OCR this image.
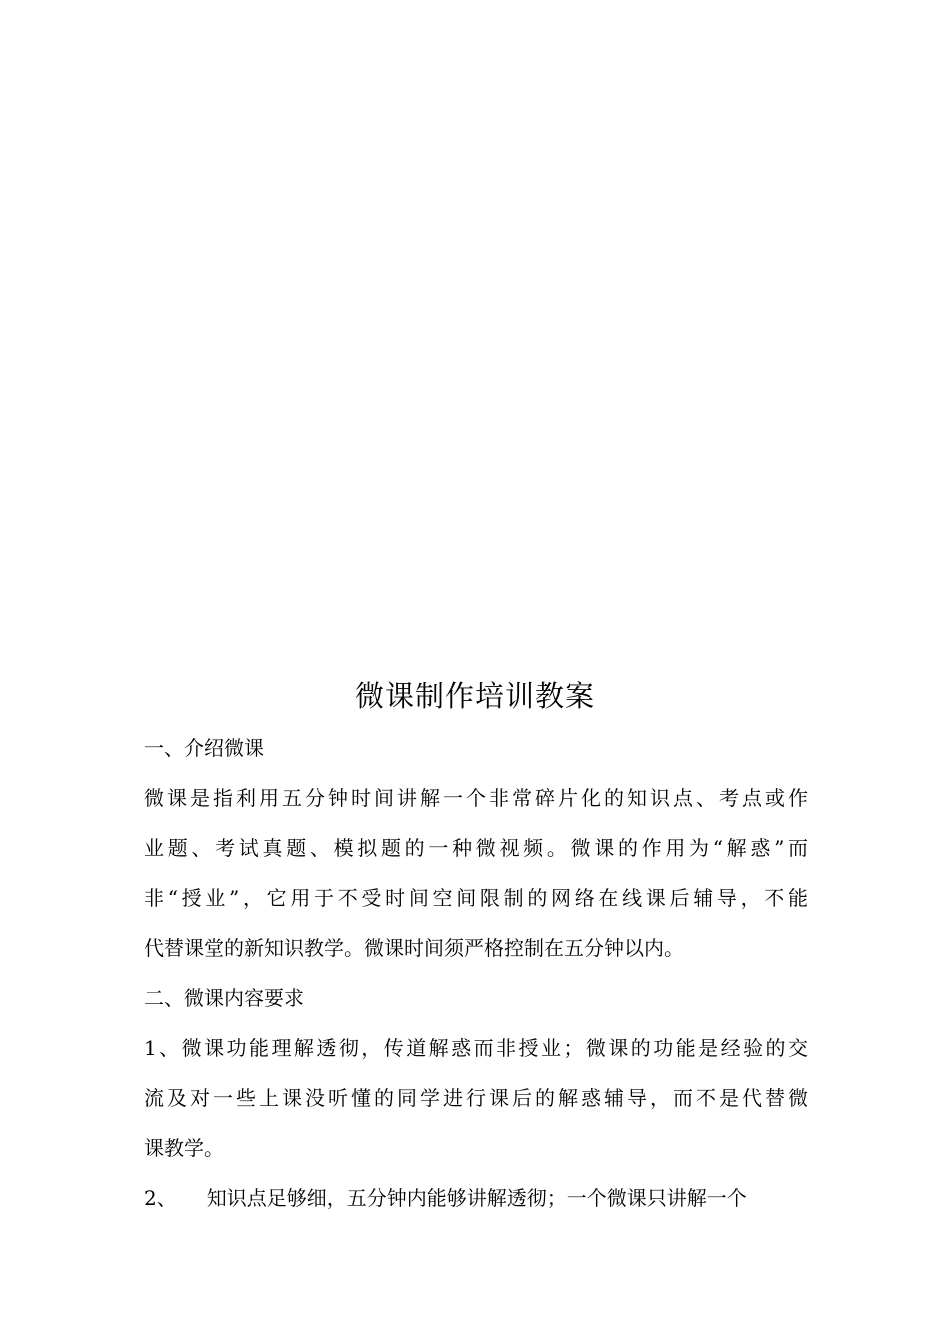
微课制作培训教案
一、介绍微课
微课是指利用五分钟时间讲解一个非常碎片化的知识点、考点或作
业题、考试真题、模拟题的一种微视频。微课的作用为“解惑”而
非“授业”，它用于不受时间空间限制的网络在线课后辅导，不能
代替课堂的新知识教学。微课时间须严格控制在五分钟以内。
二、微课内容要求
1、微课功能理解透彻，传道解惑而非授业；微课的功能是经验的交
流及对一些上课没听懂的同学进行课后的解惑辅导，而不是代替微
课教学。
2、 知识点足够细，五分钟内能够讲解透彻；一个微课只讲解一个
